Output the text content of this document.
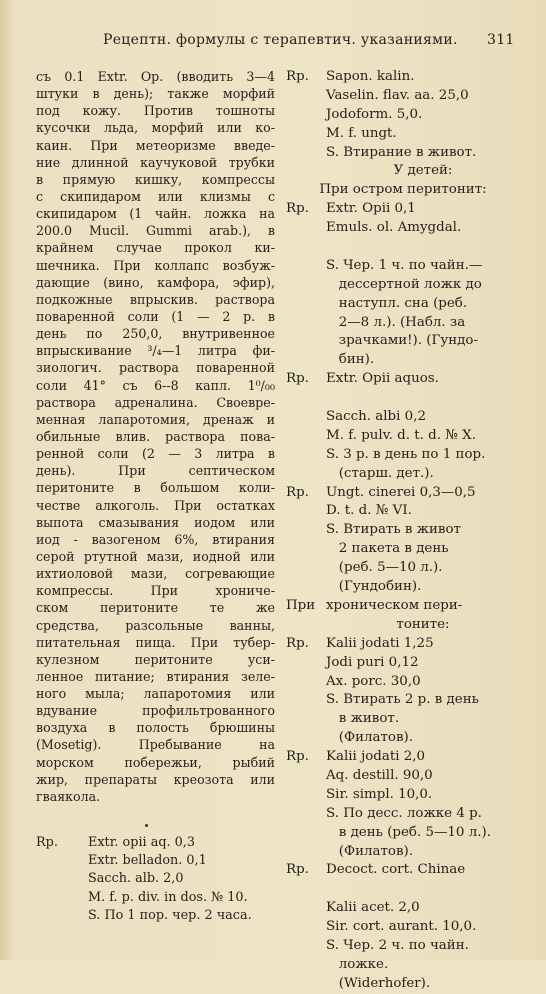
Рецептн. формулы с терапевтич. указаниями. 311
съ 0.1 Extr. Op. (вводить 3—4
штуки в день); также морфий
под кожу. Против тошноты
кусочки льда, морфий или ко-
каин. При метеоризме введе-
ние длинной каучуковой трубки
в прямую кишку, компрессы
с скипидаром или клизмы с
скипидаром (1 чайн. ложка на
200.0 Mucil. Gummi arab.), в
крайнем случае прокол ки-
шечника. При коллапс возбуж-
дающие (вино, камфора, эфир),
подкожные впрыскив. раствора
поваренной соли (1 — 2 р. в
день по 250,0, внутривенное
впрыскивание ³/₄—1 литра фи-
зиологич. раствора поваренной
соли 41° съ 6--8 капл. 1⁰/₀₀
раствора адреналина. Своевре-
менная лапаротомия, дренаж и
обильные влив. раствора пова-
ренной соли (2 — 3 литра в
день). При септическом
перитоните в большом коли-
честве алкоголь. При остатках
выпота смазывания иодом или
иод - вазогеном 6%, втирания
серой ртутной мази, иодной или
ихтиоловой мази, согревающие
компрессы. При хрониче-
ском перитоните те же
средства, разсольные ванны,
питательная пища. При тубер-
кулезном перитоните уси-
ленное питание; втирания зеле-
ного мыла; лапаротомия или
вдувание профильтрованного
воздуха в полость брюшины
(Mosetig). Пребывание на
морском побережьи, рыбий
жир, препараты креозота или
гваякола.
Rp.	Extr. opii aq. 0,3
Extr. belladon. 0,1
Sacch. alb. 2,0
M. f. p. div. in dos. № 10.
S. По 1 пор. чер. 2 часа.
Rp.	Sapon. kalin.
Vaselin. flav. aa. 25,0
Jodoform. 5,0.
M. f. ungt.
S. Втирание в живот.
У детей:
При остром перитонит:
Rp.	Extr. Opii 0,1
Emuls. ol. Amygdal.
S. Чер. 1 ч. по чайн.—
дессертной ложк до
наступл. сна (реб.
2—8 л.). (Набл. за
зрачками!). (Гундо-
бин).
Rp.	Extr. Opii aquos.
Sacch. albi 0,2
M. f. pulv. d. t. d. № X.
S. 3 р. в день по 1 пор.
(старш. дет.).
Rp.	Ungt. cinerei 0,3—0,5
D. t. d. № VI.
S. Втирать в живот
2 пакета в день
(реб. 5—10 л.).
(Гундобин).
При хроническом пери-
тоните:
Rp.	Kalii jodati 1,25
Jodi puri 0,12
Ax. porc. 30,0
S. Втирать 2 р. в день
в живот.
(Филатов).
Rp.	Kalii jodati 2,0
Aq. destill. 90,0
Sir. simpl. 10,0.
S. По десс. ложке 4 р.
в день (реб. 5—10 л.).
(Филатов).
Rp.	Decoct. cort. Chinae
Kalii acet. 2,0
Sir. cort. aurant. 10,0.
S. Чер. 2 ч. по чайн.
ложке.
(Widerhofer).
